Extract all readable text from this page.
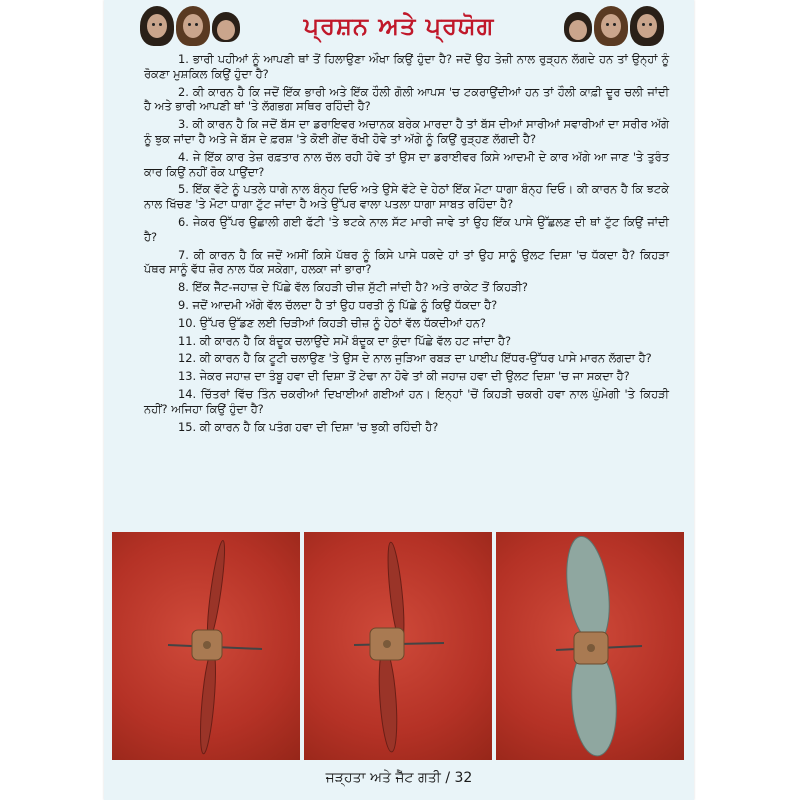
ਪ੍ਰਸ਼ਨ ਅਤੇ ਪ੍ਰਯੋਗ

1. ਭਾਰੀ ਪਹੀਆਂ ਨੂੰ ਆਪਣੀ ਥਾਂ ਤੋਂ ਹਿਲਾਉਣਾ ਔਖਾ ਕਿਉਂ ਹੁੰਦਾ ਹੈ? ਜਦੋਂ ਉਹ ਤੇਜ਼ੀ ਨਾਲ ਰੁੜ੍ਹਨ ਲੱਗਦੇ ਹਨ ਤਾਂ ਉਨ੍ਹਾਂ ਨੂੰ ਰੋਕਣਾ ਮੁਸ਼ਕਿਲ ਕਿਉਂ ਹੁੰਦਾ ਹੈ?

2. ਕੀ ਕਾਰਨ ਹੈ ਕਿ ਜਦੋਂ ਇੱਕ ਭਾਰੀ ਅਤੇ ਇੱਕ ਹੌਲੀ ਗੋਲੀ ਆਪਸ 'ਚ ਟਕਰਾਉਂਦੀਆਂ ਹਨ ਤਾਂ ਹੌਲੀ ਕਾਫ਼ੀ ਦੂਰ ਚਲੀ ਜਾਂਦੀ ਹੈ ਅਤੇ ਭਾਰੀ ਆਪਣੀ ਥਾਂ 'ਤੇ ਲੱਗਭਗ ਸਥਿਰ ਰਹਿੰਦੀ ਹੈ?

3. ਕੀ ਕਾਰਨ ਹੈ ਕਿ ਜਦੋਂ ਬੱਸ ਦਾ ਡਰਾਇਵਰ ਅਚਾਨਕ ਬਰੇਕ ਮਾਰਦਾ ਹੈ ਤਾਂ ਬੱਸ ਦੀਆਂ ਸਾਰੀਆਂ ਸਵਾਰੀਆਂ ਦਾ ਸਰੀਰ ਅੱਗੇ ਨੂੰ ਝੁਕ ਜਾਂਦਾ ਹੈ ਅਤੇ ਜੇ ਬੱਸ ਦੇ ਫ਼ਰਸ਼ 'ਤੇ ਕੋਈ ਗੇਂਦ ਰੱਖੀ ਹੋਵੇ ਤਾਂ ਅੱਗੇ ਨੂੰ ਕਿਉਂ ਰੁੜ੍ਹਣ ਲੱਗਦੀ ਹੈ?

4. ਜੇ ਇੱਕ ਕਾਰ ਤੇਜ਼ ਰਫ਼ਤਾਰ ਨਾਲ ਚੱਲ ਰਹੀ ਹੋਵੇ ਤਾਂ ਉਸ ਦਾ ਡਰਾਈਵਰ ਕਿਸੇ ਆਦਮੀ ਦੇ ਕਾਰ ਅੱਗੇ ਆ ਜਾਣ 'ਤੇ ਤੁਰੰਤ ਕਾਰ ਕਿਉਂ ਨਹੀਂ ਰੋਕ ਪਾਉਂਦਾ?

5. ਇੱਕ ਵੱਟੇ ਨੂੰ ਪਤਲੇ ਧਾਗੇ ਨਾਲ ਬੰਨ੍ਹ ਦਿਓ ਅਤੇ ਉਸੇ ਵੱਟੇ ਦੇ ਹੇਠਾਂ ਇੱਕ ਮੋਟਾ ਧਾਗਾ ਬੰਨ੍ਹ ਦਿਓ। ਕੀ ਕਾਰਨ ਹੈ ਕਿ ਝਟਕੇ ਨਾਲ ਖਿੱਚਣ 'ਤੇ ਮੋਟਾ ਧਾਗਾ ਟੁੱਟ ਜਾਂਦਾ ਹੈ ਅਤੇ ਉੱਪਰ ਵਾਲਾ ਪਤਲਾ ਧਾਗਾ ਸਾਬਤ ਰਹਿੰਦਾ ਹੈ?

6. ਜੇਕਰ ਉੱਪਰ ਉਛਾਲੀ ਗਈ ਫੱਟੀ 'ਤੇ ਝਟਕੇ ਨਾਲ ਸੱਟ ਮਾਰੀ ਜਾਵੇ ਤਾਂ ਉਹ ਇੱਕ ਪਾਸੇ ਉੱਛਲਣ ਦੀ ਥਾਂ ਟੁੱਟ ਕਿਉਂ ਜਾਂਦੀ ਹੈ?

7. ਕੀ ਕਾਰਨ ਹੈ ਕਿ ਜਦੋਂ ਅਸੀਂ ਕਿਸੇ ਪੱਥਰ ਨੂੰ ਕਿਸੇ ਪਾਸੇ ਧਕਦੇ ਹਾਂ ਤਾਂ ਉਹ ਸਾਨੂੰ ਉਲਟ ਦਿਸ਼ਾ 'ਚ ਧੱਕਦਾ ਹੈ? ਕਿਹੜਾ ਪੱਥਰ ਸਾਨੂੰ ਵੱਧ ਜ਼ੋਰ ਨਾਲ ਧੱਕ ਸਕੇਗਾ, ਹਲਕਾ ਜਾਂ ਭਾਰਾ?

8. ਇੱਕ ਜੈੱਟ-ਜਹਾਜ਼ ਦੇ ਪਿੱਛੇ ਵੱਲ ਕਿਹੜੀ ਚੀਜ਼ ਸੁੱਟੀ ਜਾਂਦੀ ਹੈ? ਅਤੇ ਰਾਕੇਟ ਤੋਂ ਕਿਹੜੀ?

9. ਜਦੋਂ ਆਦਮੀ ਅੱਗੇ ਵੱਲ ਚੱਲਦਾ ਹੈ ਤਾਂ ਉਹ ਧਰਤੀ ਨੂੰ ਪਿੱਛੇ ਨੂੰ ਕਿਉਂ ਧੱਕਦਾ ਹੈ?

10. ਉੱਪਰ ਉੱਡਣ ਲਈ ਚਿੜੀਆਂ ਕਿਹੜੀ ਚੀਜ਼ ਨੂੰ ਹੇਠਾਂ ਵੱਲ ਧੱਕਦੀਆਂ ਹਨ?

11. ਕੀ ਕਾਰਨ ਹੈ ਕਿ ਬੰਦੂਕ ਚਲਾਉਂਦੇ ਸਮੇਂ ਬੰਦੂਕ ਦਾ ਕੁੰਦਾ ਪਿੱਛੇ ਵੱਲ ਹਟ ਜਾਂਦਾ ਹੈ?

12. ਕੀ ਕਾਰਨ ਹੈ ਕਿ ਟੂਟੀ ਚਲਾਉਣ 'ਤੇ ਉਸ ਦੇ ਨਾਲ ਜੁੜਿਆ ਰਬੜ ਦਾ ਪਾਈਪ ਇੱਧਰ-ਉੱਧਰ ਪਾਸੇ ਮਾਰਨ ਲੱਗਦਾ ਹੈ?

13. ਜੇਕਰ ਜਹਾਜ਼ ਦਾ ਤੰਬੂ ਹਵਾ ਦੀ ਦਿਸ਼ਾ ਤੋਂ ਟੇਢਾ ਨਾ ਹੋਵੇ ਤਾਂ ਕੀ ਜਹਾਜ਼ ਹਵਾ ਦੀ ਉਲਟ ਦਿਸ਼ਾ 'ਚ ਜਾ ਸਕਦਾ ਹੈ?

14. ਚਿੱਤਰਾਂ ਵਿੱਚ ਤਿੰਨ ਚਕਰੀਆਂ ਦਿਖਾਈਆਂ ਗਈਆਂ ਹਨ। ਇਨ੍ਹਾਂ 'ਚੋਂ ਕਿਹੜੀ ਚਕਰੀ ਹਵਾ ਨਾਲ ਘੁੰਮੇਗੀ 'ਤੇ ਕਿਹੜੀ ਨਹੀਂ? ਅਜਿਹਾ ਕਿਉਂ ਹੁੰਦਾ ਹੈ?

15. ਕੀ ਕਾਰਨ ਹੈ ਕਿ ਪਤੰਗ ਹਵਾ ਦੀ ਦਿਸ਼ਾ 'ਚ ਝੁਕੀ ਰਹਿੰਦੀ ਹੈ?

ਜੜ੍ਹਤਾ ਅਤੇ ਜੈੱਟ ਗਤੀ / 32
